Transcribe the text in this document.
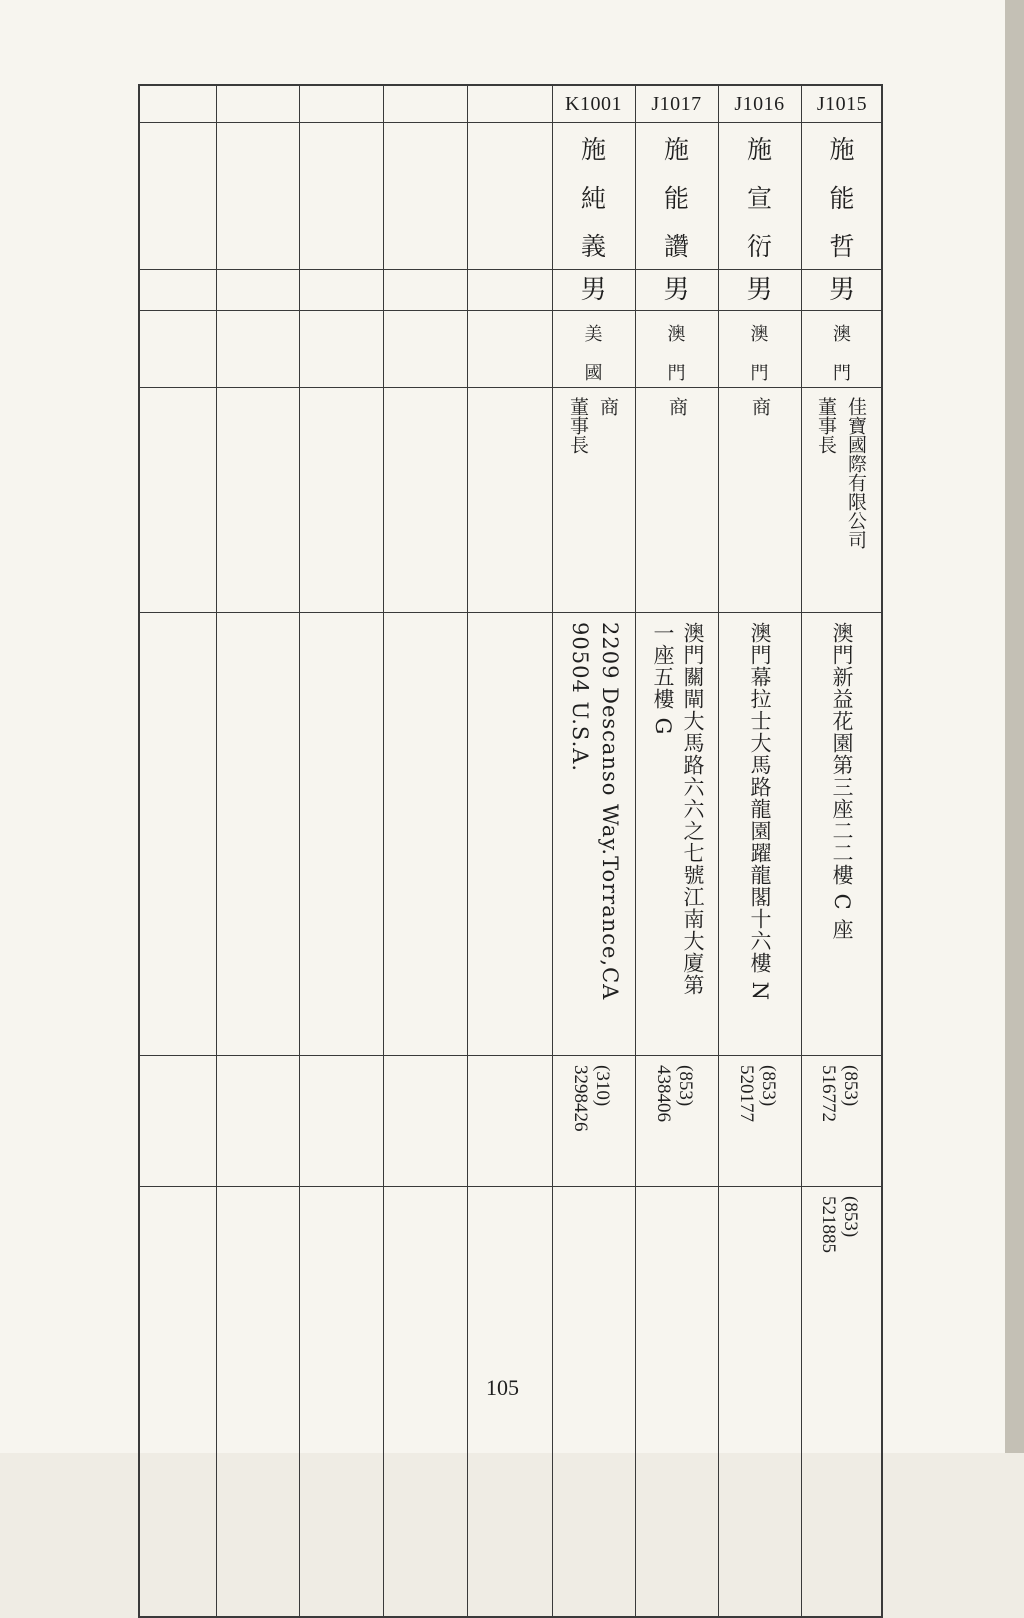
J1015
施
能
哲
男
澳
門
佳寶國際有限公司
董事長
澳門新益花園第三座二二樓 C 座
(853)
516772
(853)
521885
J1016
施
宣
衍
男
澳
門
商
澳門幕拉士大馬路龍園躍龍閣十六樓 N
(853)
520177
J1017
施
能
讚
男
澳
門
商
澳門關閘大馬路六六之七號江南大廈第
一座五樓 G
(853)
438406
K1001
施
純
義
男
美
國
商
董事長
2209 Descanso Way.Torrance,CA
90504 U.S.A.
(310)
3298426
105
